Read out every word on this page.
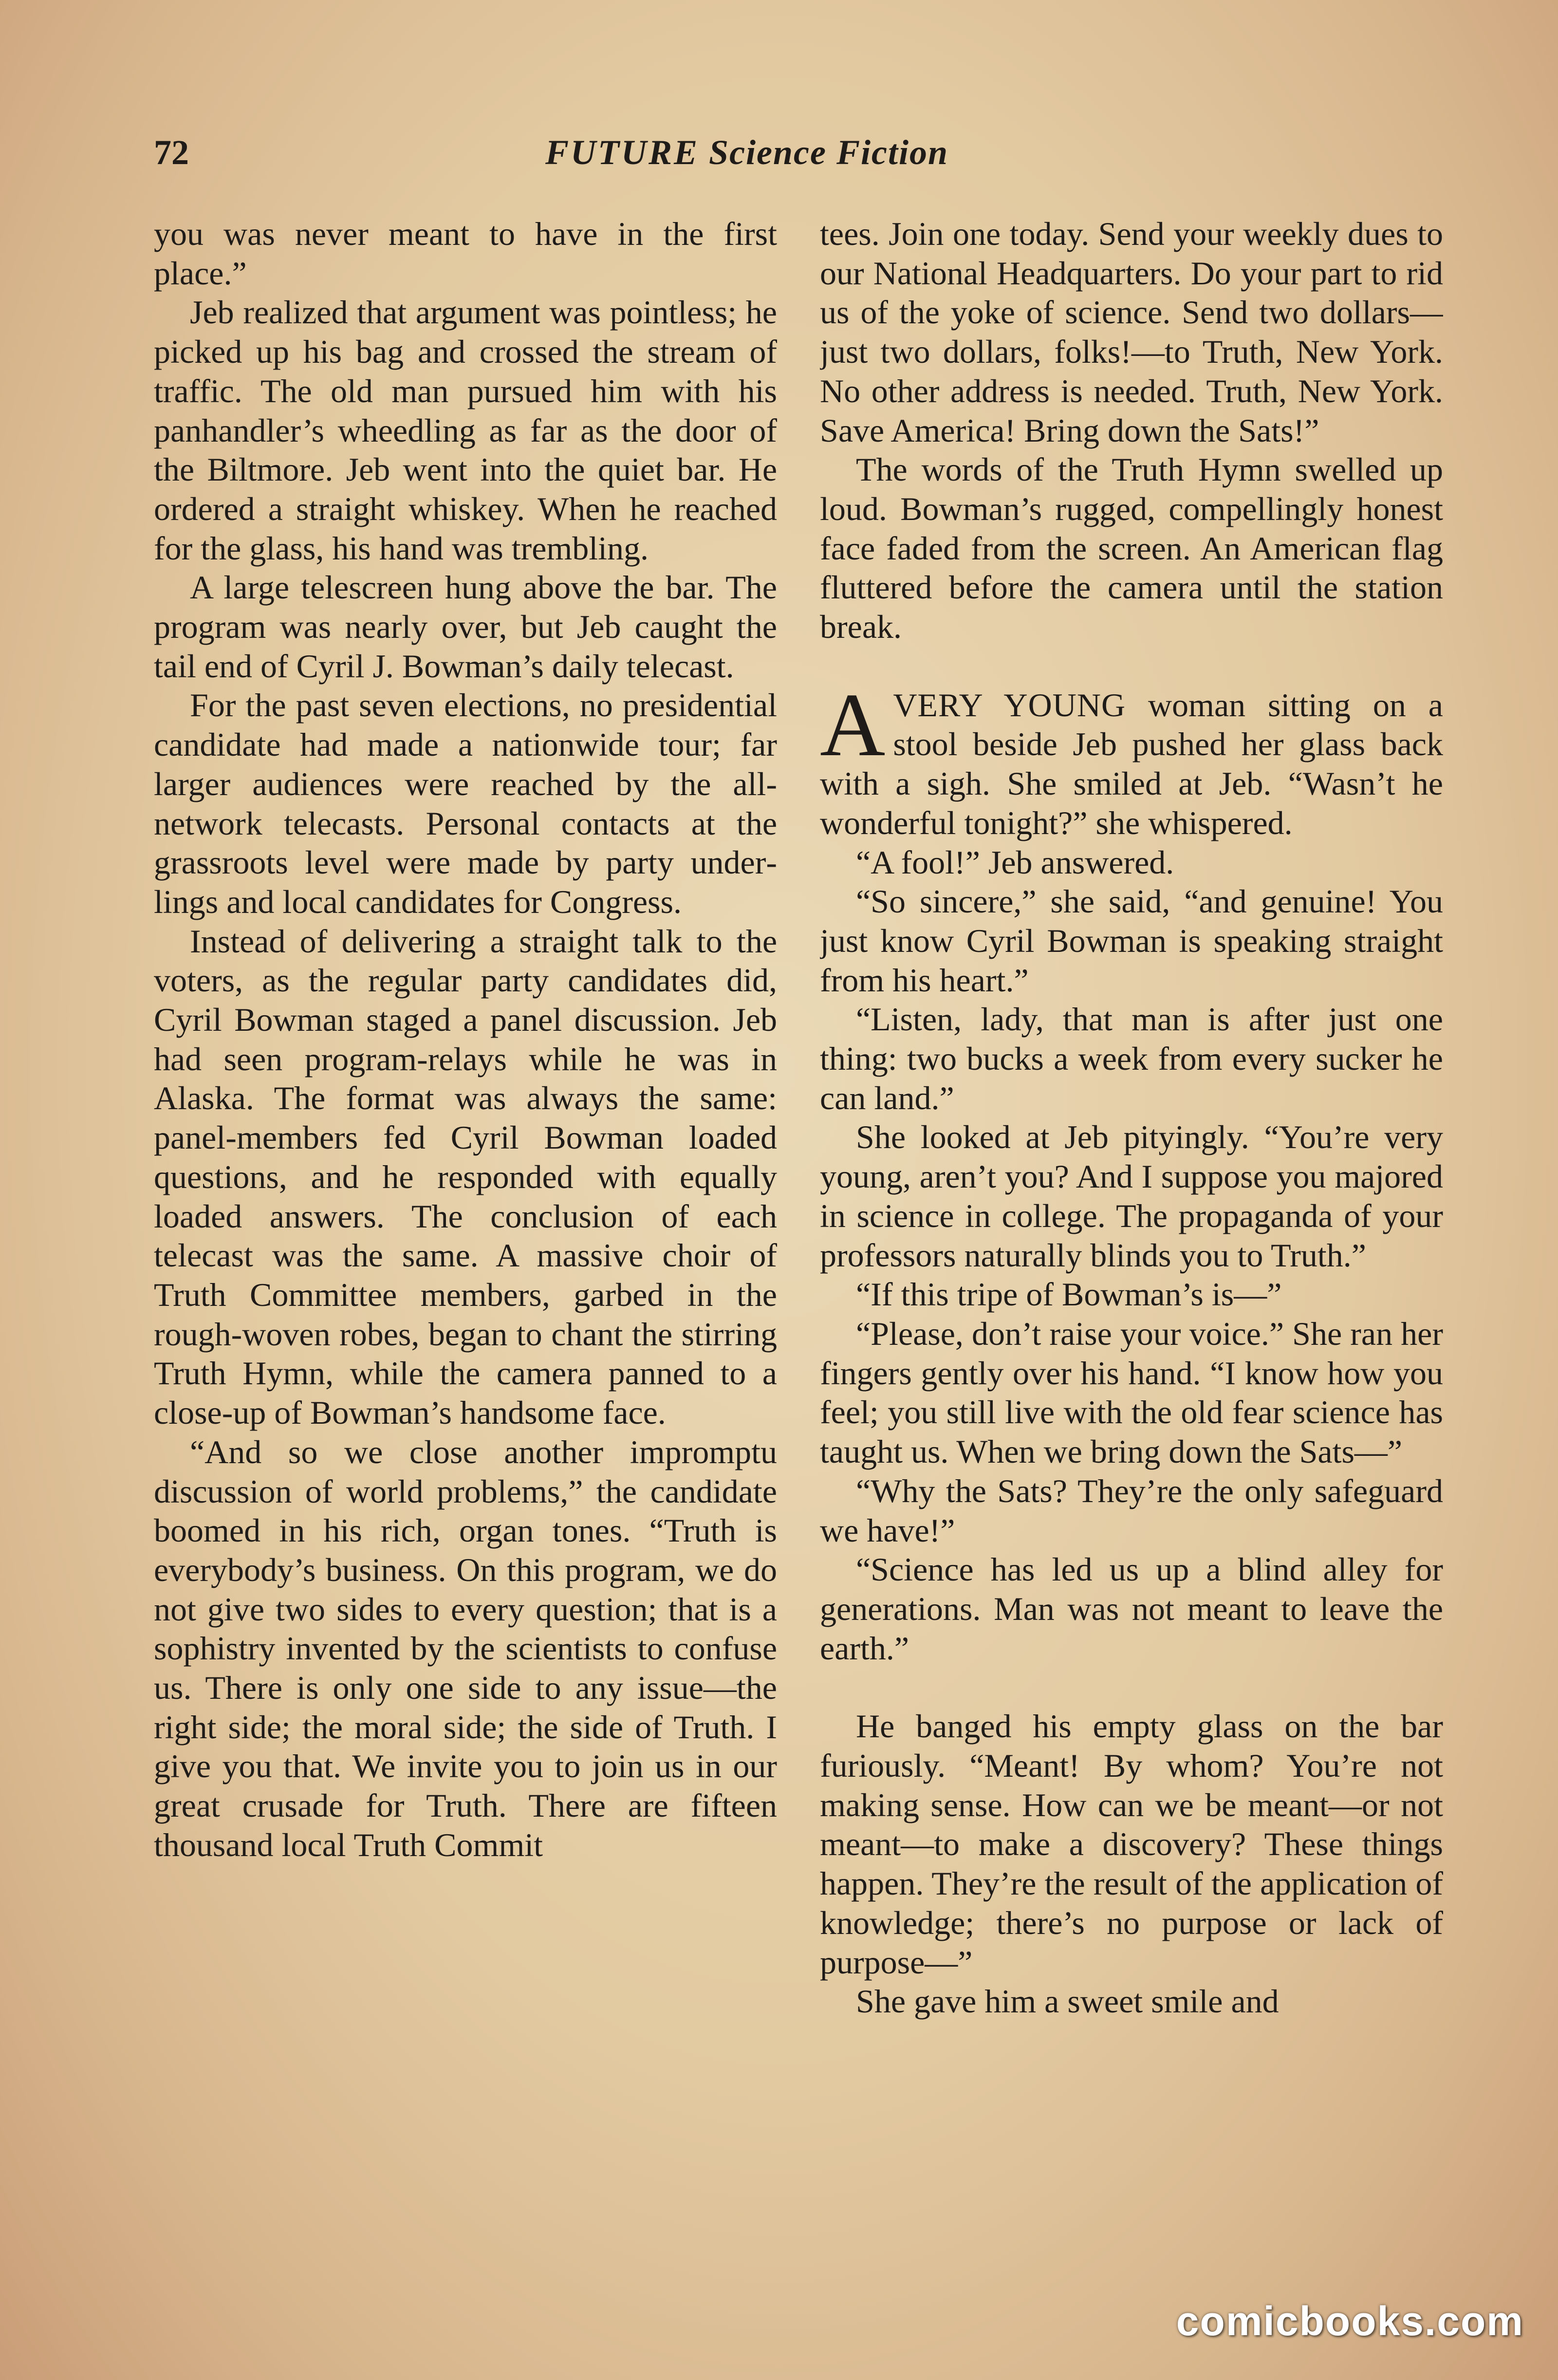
72	FUTURE Science Fiction

you was never meant to have in the first place.”

Jeb realized that argument was pointless; he picked up his bag and crossed the stream of traffic. The old man pursued him with his panhandler’s wheedling as far as the door of the Biltmore. Jeb went into the quiet bar. He ordered a straight whiskey. When he reached for the glass, his hand was trembling.

A large telescreen hung above the bar. The program was nearly over, but Jeb caught the tail end of Cyril J. Bowman’s daily telecast.

For the past seven elections, no presidential candidate had made a nationwide tour; far larger audiences were reached by the all-network telecasts. Personal contacts at the grassroots level were made by party underlings and local candidates for Congress.

Instead of delivering a straight talk to the voters, as the regular party candidates did, Cyril Bowman staged a panel discussion. Jeb had seen program-relays while he was in Alaska. The format was always the same: panel-members fed Cyril Bowman loaded questions, and he responded with equally loaded answers. The conclusion of each telecast was the same. A massive choir of Truth Committee members, garbed in the rough-woven robes, began to chant the stirring Truth Hymn, while the camera panned to a close-up of Bowman’s handsome face.

“And so we close another impromptu discussion of world problems,” the candidate boomed in his rich, organ tones. “Truth is everybody’s business. On this program, we do not give two sides to every question; that is a sophistry invented by the scientists to confuse us. There is only one side to any issue—the right side; the moral side; the side of Truth. I give you that. We invite you to join us in our great crusade for Truth. There are fifteen thousand local Truth Commit

tees. Join one today. Send your weekly dues to our National Headquarters. Do your part to rid us of the yoke of science. Send two dollars—just two dollars, folks!—to Truth, New York. No other address is needed. Truth, New York. Save America! Bring down the Sats!”

The words of the Truth Hymn swelled up loud. Bowman’s rugged, compellingly honest face faded from the screen. An American flag fluttered before the camera until the station break.

AVERY YOUNG woman sitting on a stool beside Jeb pushed her glass back with a sigh. She smiled at Jeb. “Wasn’t he wonderful tonight?” she whispered.

“A fool!” Jeb answered.

“So sincere,” she said, “and genuine! You just know Cyril Bowman is speaking straight from his heart.”

“Listen, lady, that man is after just one thing: two bucks a week from every sucker he can land.”

She looked at Jeb pityingly. “You’re very young, aren’t you? And I suppose you majored in science in college. The propaganda of your professors naturally blinds you to Truth.”

“If this tripe of Bowman’s is—”

“Please, don’t raise your voice.” She ran her fingers gently over his hand. “I know how you feel; you still live with the old fear science has taught us. When we bring down the Sats—”

“Why the Sats? They’re the only safeguard we have!”

“Science has led us up a blind alley for generations. Man was not meant to leave the earth.”

He banged his empty glass on the bar furiously. “Meant! By whom? You’re not making sense. How can we be meant—or not meant—to make a discovery? These things happen. They’re the result of the application of knowledge; there’s no purpose or lack of purpose—”

She gave him a sweet smile and

comicbooks.com
